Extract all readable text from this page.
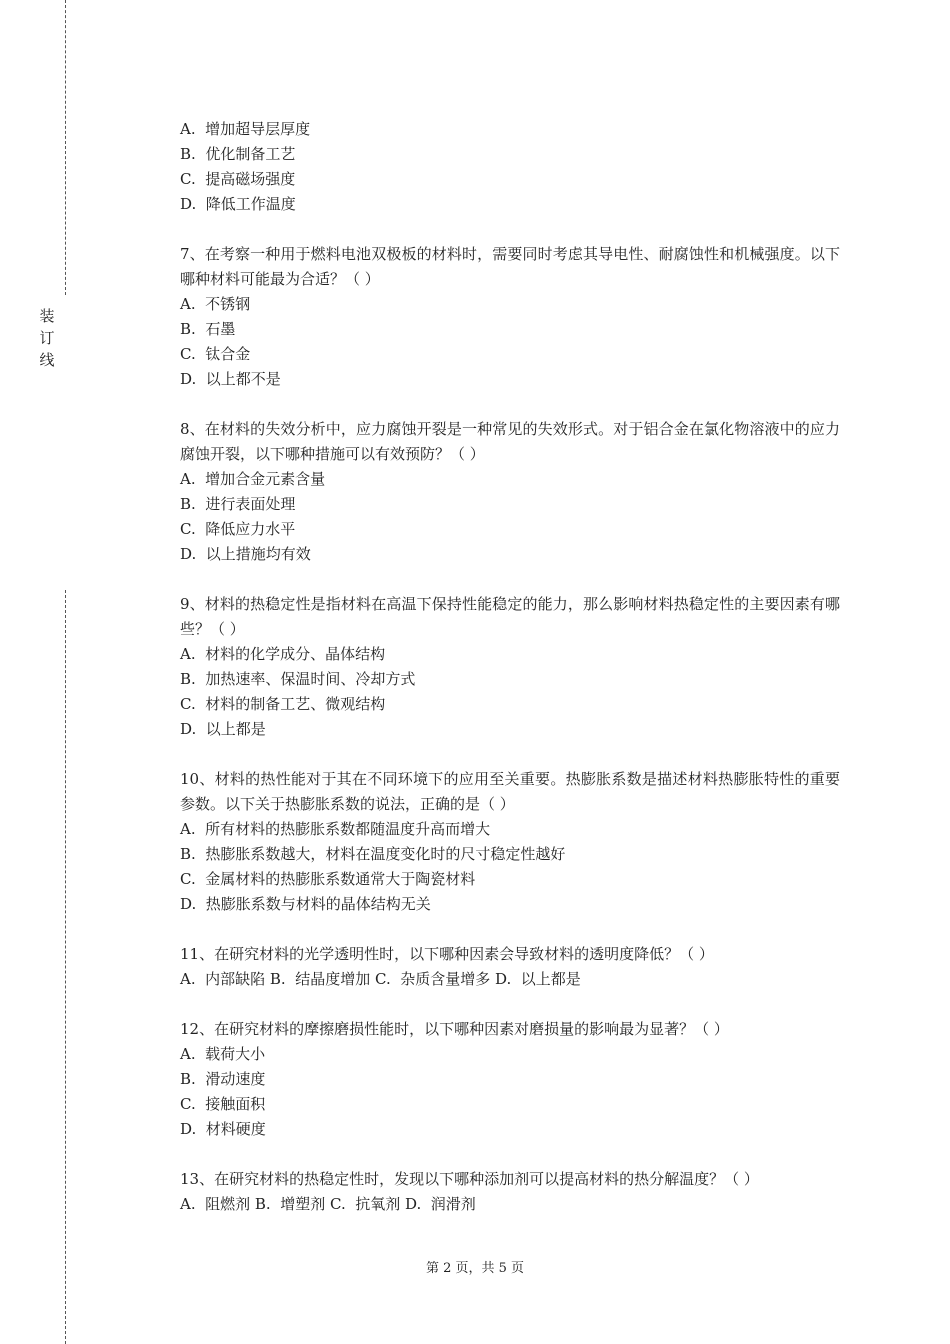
装订线
A.  增加超导层厚度
B.  优化制备工艺
C.  提高磁场强度
D.  降低工作温度
7、在考察一种用于燃料电池双极板的材料时，需要同时考虑其导电性、耐腐蚀性和机械强度。以下哪种材料可能最为合适？（ ）
A.  不锈钢
B.  石墨
C.  钛合金
D.  以上都不是
8、在材料的失效分析中，应力腐蚀开裂是一种常见的失效形式。对于铝合金在氯化物溶液中的应力腐蚀开裂，以下哪种措施可以有效预防？（ ）
A.  增加合金元素含量
B.  进行表面处理
C.  降低应力水平
D.  以上措施均有效
9、材料的热稳定性是指材料在高温下保持性能稳定的能力，那么影响材料热稳定性的主要因素有哪些？（ ）
A.  材料的化学成分、晶体结构
B.  加热速率、保温时间、冷却方式
C.  材料的制备工艺、微观结构
D.  以上都是
10、材料的热性能对于其在不同环境下的应用至关重要。热膨胀系数是描述材料热膨胀特性的重要参数。以下关于热膨胀系数的说法，正确的是（ ）
A.  所有材料的热膨胀系数都随温度升高而增大
B.  热膨胀系数越大，材料在温度变化时的尺寸稳定性越好
C.  金属材料的热膨胀系数通常大于陶瓷材料
D.  热膨胀系数与材料的晶体结构无关
11、在研究材料的光学透明性时，以下哪种因素会导致材料的透明度降低？（ ）
A.  内部缺陷 B.  结晶度增加 C.  杂质含量增多 D.  以上都是
12、在研究材料的摩擦磨损性能时，以下哪种因素对磨损量的影响最为显著？（ ）
A.  载荷大小
B.  滑动速度
C.  接触面积
D.  材料硬度
13、在研究材料的热稳定性时，发现以下哪种添加剂可以提高材料的热分解温度？（ ）
A.  阻燃剂 B.  增塑剂 C.  抗氧剂 D.  润滑剂
第 2 页，共 5 页
